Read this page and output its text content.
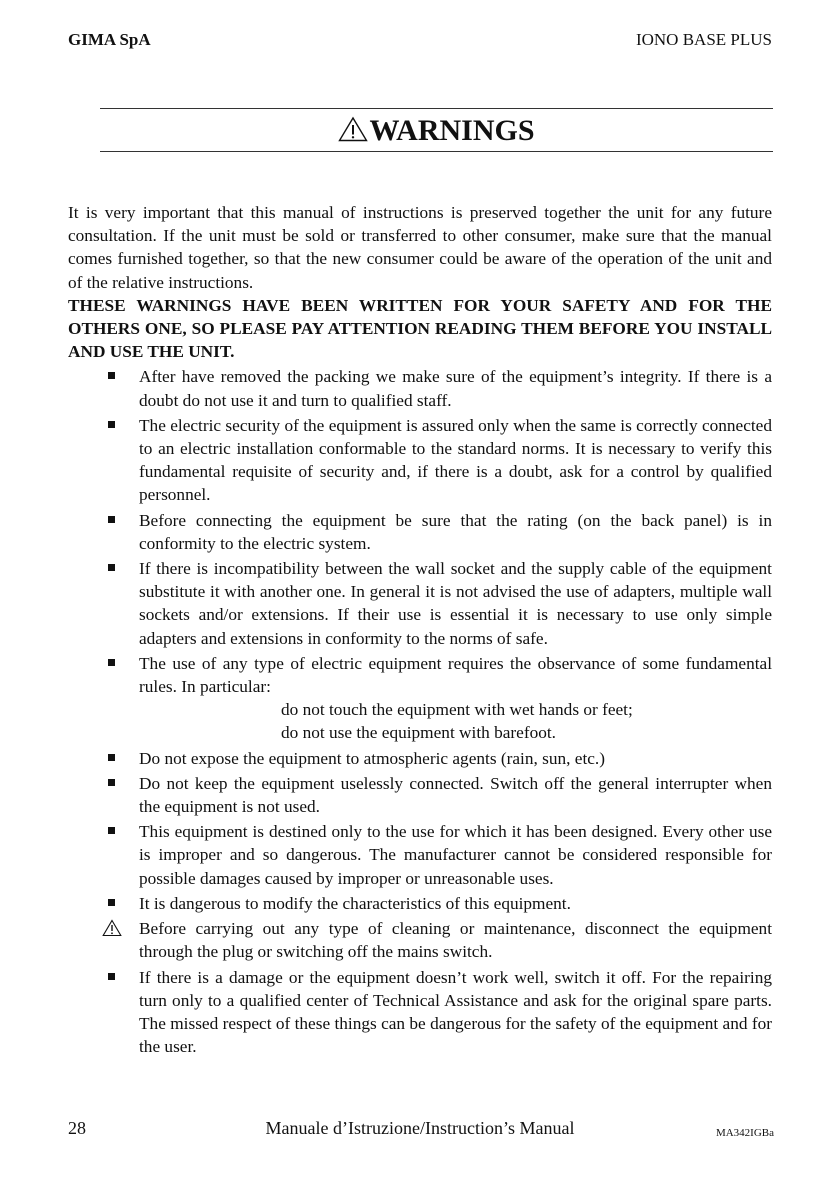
GIMA SpA	IONO BASE PLUS
WARNINGS

It is very important that this manual of instructions is preserved together the unit for any future consultation. If the unit must be sold or transferred to other consumer, make sure that the manual comes furnished together, so that the new consumer could be aware of the operation of the unit and of the relative instructions.

THESE WARNINGS HAVE BEEN WRITTEN FOR YOUR SAFETY AND FOR THE OTHERS ONE, SO PLEASE PAY ATTENTION READING THEM BEFORE YOU INSTALL AND USE THE UNIT.

After have removed the packing we make sure of the equipment’s integrity. If there is a doubt do not use it and turn to qualified staff.
The electric security of the equipment is assured only when the same is correctly connected to an electric installation conformable to the standard norms. It is necessary to verify this fundamental requisite of security and, if there is a doubt, ask for a control by qualified personnel.
Before connecting the equipment be sure that the rating (on the back panel) is in conformity to the electric system.
If there is incompatibility between the wall socket and the supply cable of the equipment substitute it with another one. In general it is not advised the use of adapters, multiple wall sockets and/or extensions. If their use is essential it is necessary to use only simple adapters and extensions in conformity to the norms of safe.
The use of any type of electric equipment requires the observance of some fundamental rules. In particular:
do not touch the equipment with wet hands or feet;
do not use the equipment with barefoot.
Do not expose the equipment to atmospheric agents (rain, sun, etc.)
Do not keep the equipment uselessly connected. Switch off the general interrupter when the equipment is not used.
This equipment is destined only to the use for which it has been designed. Every other use is improper and so dangerous. The manufacturer cannot be considered responsible for possible damages caused by improper or unreasonable uses.
It is dangerous to modify the characteristics of this equipment.
Before carrying out any type of cleaning or maintenance, disconnect the equipment through the plug or switching off the mains switch.
If there is a damage or the equipment doesn’t work well, switch it off. For the repairing turn only to a qualified center of Technical Assistance and ask for the original spare parts. The missed respect of these things can be dangerous for the safety of the equipment and for the user.
28	Manuale d’Istruzione/Instruction’s Manual	MA342IGBa
